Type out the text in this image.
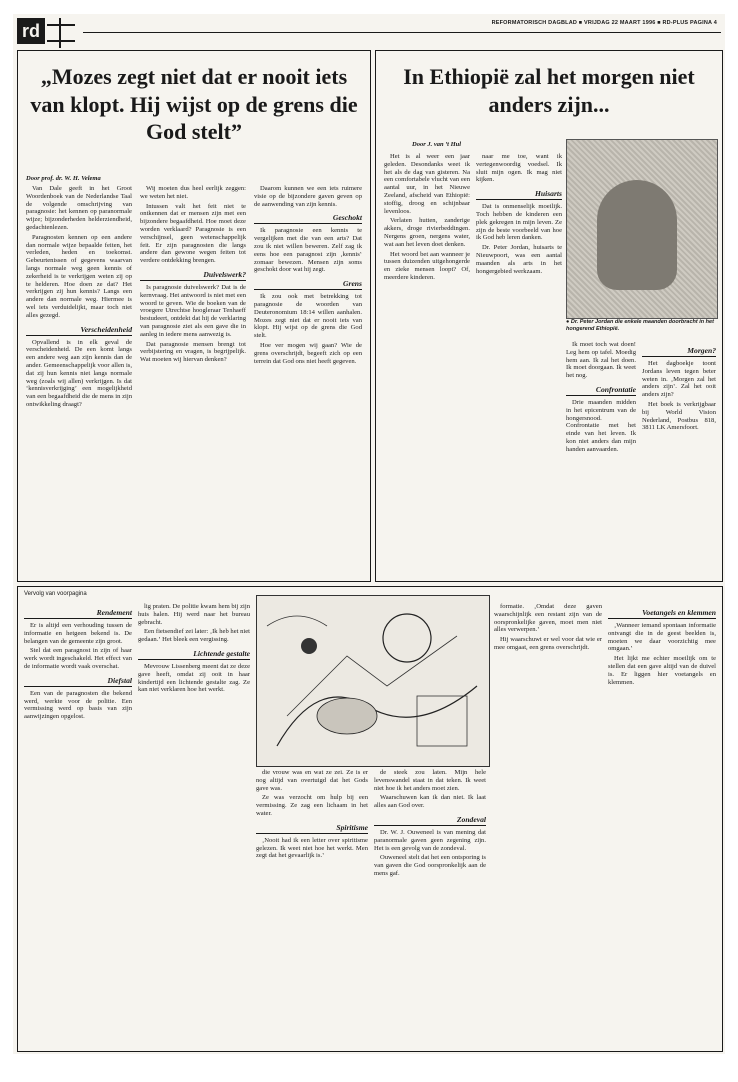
rd	REFORMATORISCH DAGBLAD ■ VRIJDAG 22 MAART 1996 ■ RD-PLUS PAGINA 4
„Mozes zegt niet dat er nooit iets van klopt. Hij wijst op de grens die God stelt”
Door prof. dr. W. H. Velema

Van Dale geeft in het Groot Woordenboek van de Nederlandse Taal de volgende omschrijving van paragnosie: het kennen op paranormale wijze; bijzonderheden helderziendheid, gedachtenlezen.

Paragnosten kennen op een andere dan normale wijze bepaalde feiten, het verleden, heden en toekomst. Gebeurtenissen of gegevens waarvan langs normale weg geen kennis of zekerheid is te verkrijgen weten zij op te helderen. Hoe doen ze dat? Het verkrijgen zij hun kennis? Langs een andere dan normale weg. Hiermee is wel iets verduidelijkt, maar toch niet alles gezegd.

Verscheidenheid

Opvallend is in elk geval de verscheidenheid. De een komt langs een andere weg aan zijn kennis dan de ander. Gemeenschappelijk voor allen is, dat zij hun kennis niet langs normale weg (zoals wij allen) verkrijgen. Is dat ‘kennisverkrijging’ een mogelijkheid van een begaafdheid die de mens in zijn ontwikkeling draagt?

Wij moeten dus heel eerlijk zeggen: we weten het niet.

Intussen valt het feit niet te ontkennen dat er mensen zijn met een bijzondere begaafdheid. Hoe moet deze worden verklaard? Paragnosie is een verschijnsel, geen wetenschappelijk feit. Er zijn paragnosten die langs andere dan gewone wegen feiten tot verdere ontdekking brengen.

Duivelswerk?

Is paragnosie duivelswerk? Dat is de kernvraag. Het antwoord is niet met een woord te geven. Wie de boeken van de vroegere Utrechtse hoogleraar Tenhaeff bestudeert, ontdekt dat hij de verklaring van paragnosie ziet als een gave die in aanleg in iedere mens aanwezig is.

Dat paragnosie mensen brengt tot verbijstering en vragen, is begrijpelijk. Wat moeten wij hiervan denken?

Daarom kunnen we een iets ruimere visie op de bijzondere gaven geven op de aanwending van zijn kennis.

Geschokt

Ik paragnosie een kennis te vergelijken met die van een arts? Dat zou ik niet willen beweren. Zelf zag ik eens hoe een paragnost zijn ‚kennis‛ zomaar bewezen. Mensen zijn soms geschokt door wat hij zegt.

Grens

Ik zou ook met betrekking tot paragnosie de woorden van Deuteronomium 18:14 willen aanhalen. Mozes zegt niet dat er nooit iets van klopt. Hij wijst op de grens die God stelt.

Hoe ver mogen wij gaan? Wie de grens overschrijdt, begeeft zich op een terrein dat God ons niet heeft gegeven.

In Ethiopië zal het morgen niet anders zijn...
Door J. van ’t Hul

Het is al weer een jaar geleden. Desondanks weet ik het als de dag van gisteren. Na een comfortabele vlucht van een aantal uur, in het Nieuwe Zeeland, afscheid van Ethiopië: stoffig, droog en schijnbaar levenloos.

Verlaten hutten, zanderige akkers, droge rivierbeddingen. Nergens groen, nergens water, wat aan het leven doet denken.

Het woord bet aan wanneer je tussen duizenden uitgehongerde en zieke mensen loopt? Of, meerdere kinderen.

naar me toe, want ik vertegenwoordig voedsel. Ik sluit mijn ogen. Ik mag niet kijken.

Huisarts

Dat is onmenselijk moeilijk. Toch hebben de kinderen een plek gekregen in mijn leven. Ze zijn de beste voorbeeld van hoe ik God heb leren danken.

Dr. Peter Jordan, huisarts te Nieuwpoort, was een aantal maanden als arts in het hongergebied werkzaam.

● Dr. Peter Jordan die enkele maanden doorbracht in het hongerend Ethiopië.

Ik moet toch wat doen! Leg hem op tafel. Moedig hem aan. Ik zal het doen. Ik moet doorgaan. Ik weet het nog.

Confrontatie

Drie maanden midden in het epicentrum van de hongersnood. Confrontatie met het einde van het leven. Ik kon niet anders dan mijn handen aanvaarden.

Morgen?

Het dagboekje toont Jordans leven tegen beter weten in. ‚Morgen zal het anders zijn‛. Zal het ooit anders zijn?

Het boek is verkrijgbaar bij World Vision Nederland, Postbus 818, 3811 LK Amersfoort.

Vervolg van voorpagina
Rendement

Er is altijd een verhouding tussen de informatie en hetgeen bekend is. De belangen van de gemeente zijn groot.

Stel dat een paragnost in zijn of haar werk wordt ingeschakeld. Het effect van de informatie wordt vaak overschat.

Diefstal

Een van de paragnosten die bekend werd, werkte voor de politie. Een vermissing werd op basis van zijn aanwijzingen opgelost.

lig praten. De politie kwam hem bij zijn huis halen. Hij werd naar het bureau gebracht.

Een fietsendief zei later: ‚Ik heb het niet gedaan.‛ Het bleek een vergissing.

Lichtende gestalte

Mevrouw Lissenberg meent dat ze deze gave heeft, omdat zij ooit in haar kindertijd een lichtende gestalte zag. Ze kan niet verklaren hoe het werkt.

die vrouw was en wat ze zei. Ze is er nog altijd van overtuigd dat het Gods gave was.

Ze was verzocht om hulp bij een vermissing. Ze zag een lichaam in het water.

Spiritisme

‚Nooit had ik een letter over spiritisme gelezen. Ik weet niet hoe het werkt. Men zegt dat het gevaarlijk is.‛

de steek zou laten. Mijn hele levenswandel staat in dat teken. Ik weet niet hoe ik het anders moet zien.

Waarschuwen kan ik dan niet. Ik laat alles aan God over.

Zondeval

Dr. W. J. Ouweneel is van mening dat paranormale gaven geen zegening zijn. Het is een gevolg van de zondeval.

Ouweneel stelt dat het een ontsporing is van gaven die God oorspronkelijk aan de mens gaf.

formatie. ‚Omdat deze gaven waarschijnlijk een restant zijn van de oorspronkelijke gaven, moet men niet alles verwerpen.‛

Hij waarschuwt er wel voor dat wie er mee omgaat, een grens overschrijdt.

Voetangels en klemmen

‚Wanneer iemand spontaan informatie ontvangt die in de geest beelden is, moeten we daar voorzichtig mee omgaan.‛

Het lijkt me echter moeilijk om te stellen dat een gave altijd van de duivel is. Er liggen hier voetangels en klemmen.
